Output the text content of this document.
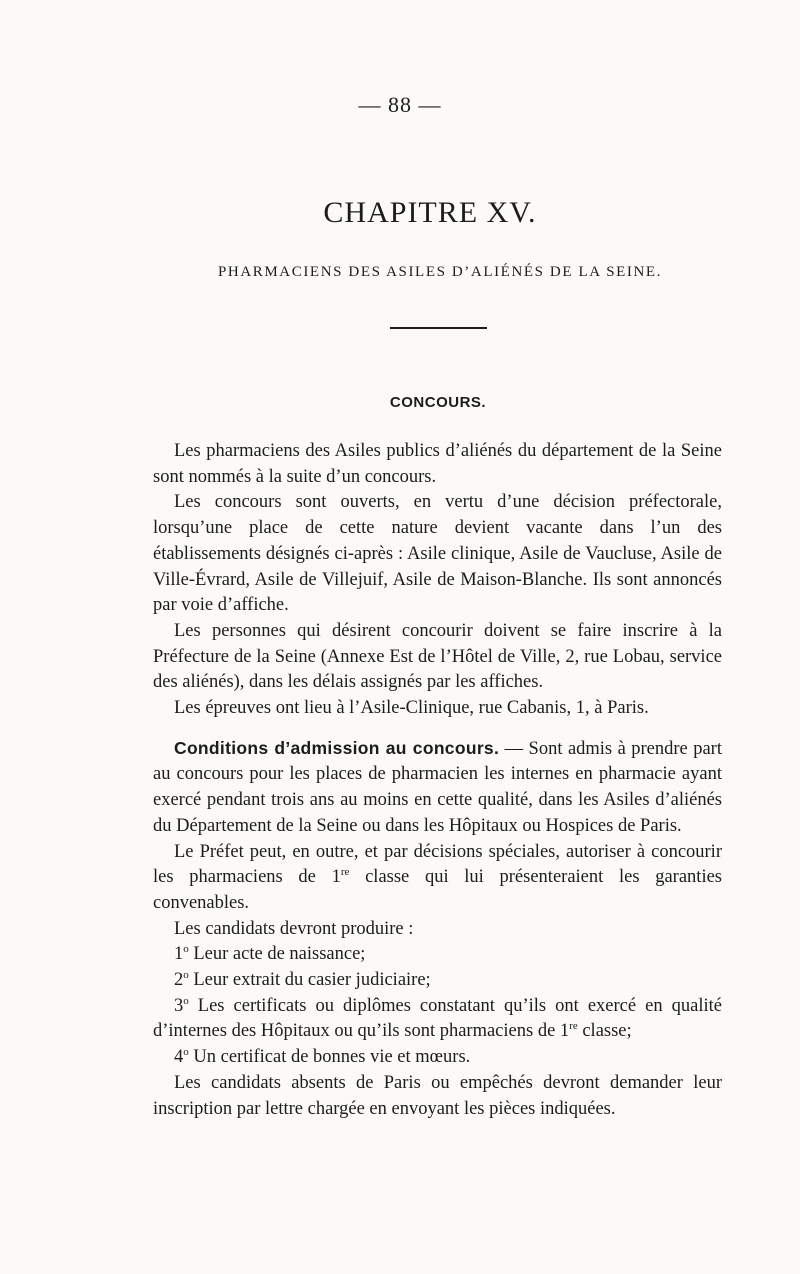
— 88 —
CHAPITRE XV.
PHARMACIENS DES ASILES D’ALIÉNÉS DE LA SEINE.
CONCOURS.

Les pharmaciens des Asiles publics d’aliénés du département de la Seine sont nommés à la suite d’un concours.

Les concours sont ouverts, en vertu d’une décision préfectorale, lorsqu’une place de cette nature devient vacante dans l’un des établissements désignés ci-après : Asile clinique, Asile de Vaucluse, Asile de Ville-Évrard, Asile de Villejuif, Asile de Maison-Blanche. Ils sont annoncés par voie d’affiche.

Les personnes qui désirent concourir doivent se faire inscrire à la Préfecture de la Seine (Annexe Est de l’Hôtel de Ville, 2, rue Lobau, service des aliénés), dans les délais assignés par les affiches.

Les épreuves ont lieu à l’Asile-Clinique, rue Cabanis, 1, à Paris.

Conditions d’admission au concours. — Sont admis à prendre part au concours pour les places de pharmacien les internes en pharmacie ayant exercé pendant trois ans au moins en cette qualité, dans les Asiles d’aliénés du Département de la Seine ou dans les Hôpitaux ou Hospices de Paris.

Le Préfet peut, en outre, et par décisions spéciales, autoriser à concourir les pharmaciens de 1re classe qui lui présenteraient les garanties convenables.

Les candidats devront produire :

1$^o$ Leur acte de naissance;

2$^o$ Leur extrait du casier judiciaire;

3$^o$ Les certificats ou diplômes constatant qu’ils ont exercé en qualité d’internes des Hôpitaux ou qu’ils sont pharmaciens de 1re classe;

4$^o$ Un certificat de bonnes vie et mœurs.

Les candidats absents de Paris ou empêchés devront demander leur inscription par lettre chargée en envoyant les pièces indiquées.
